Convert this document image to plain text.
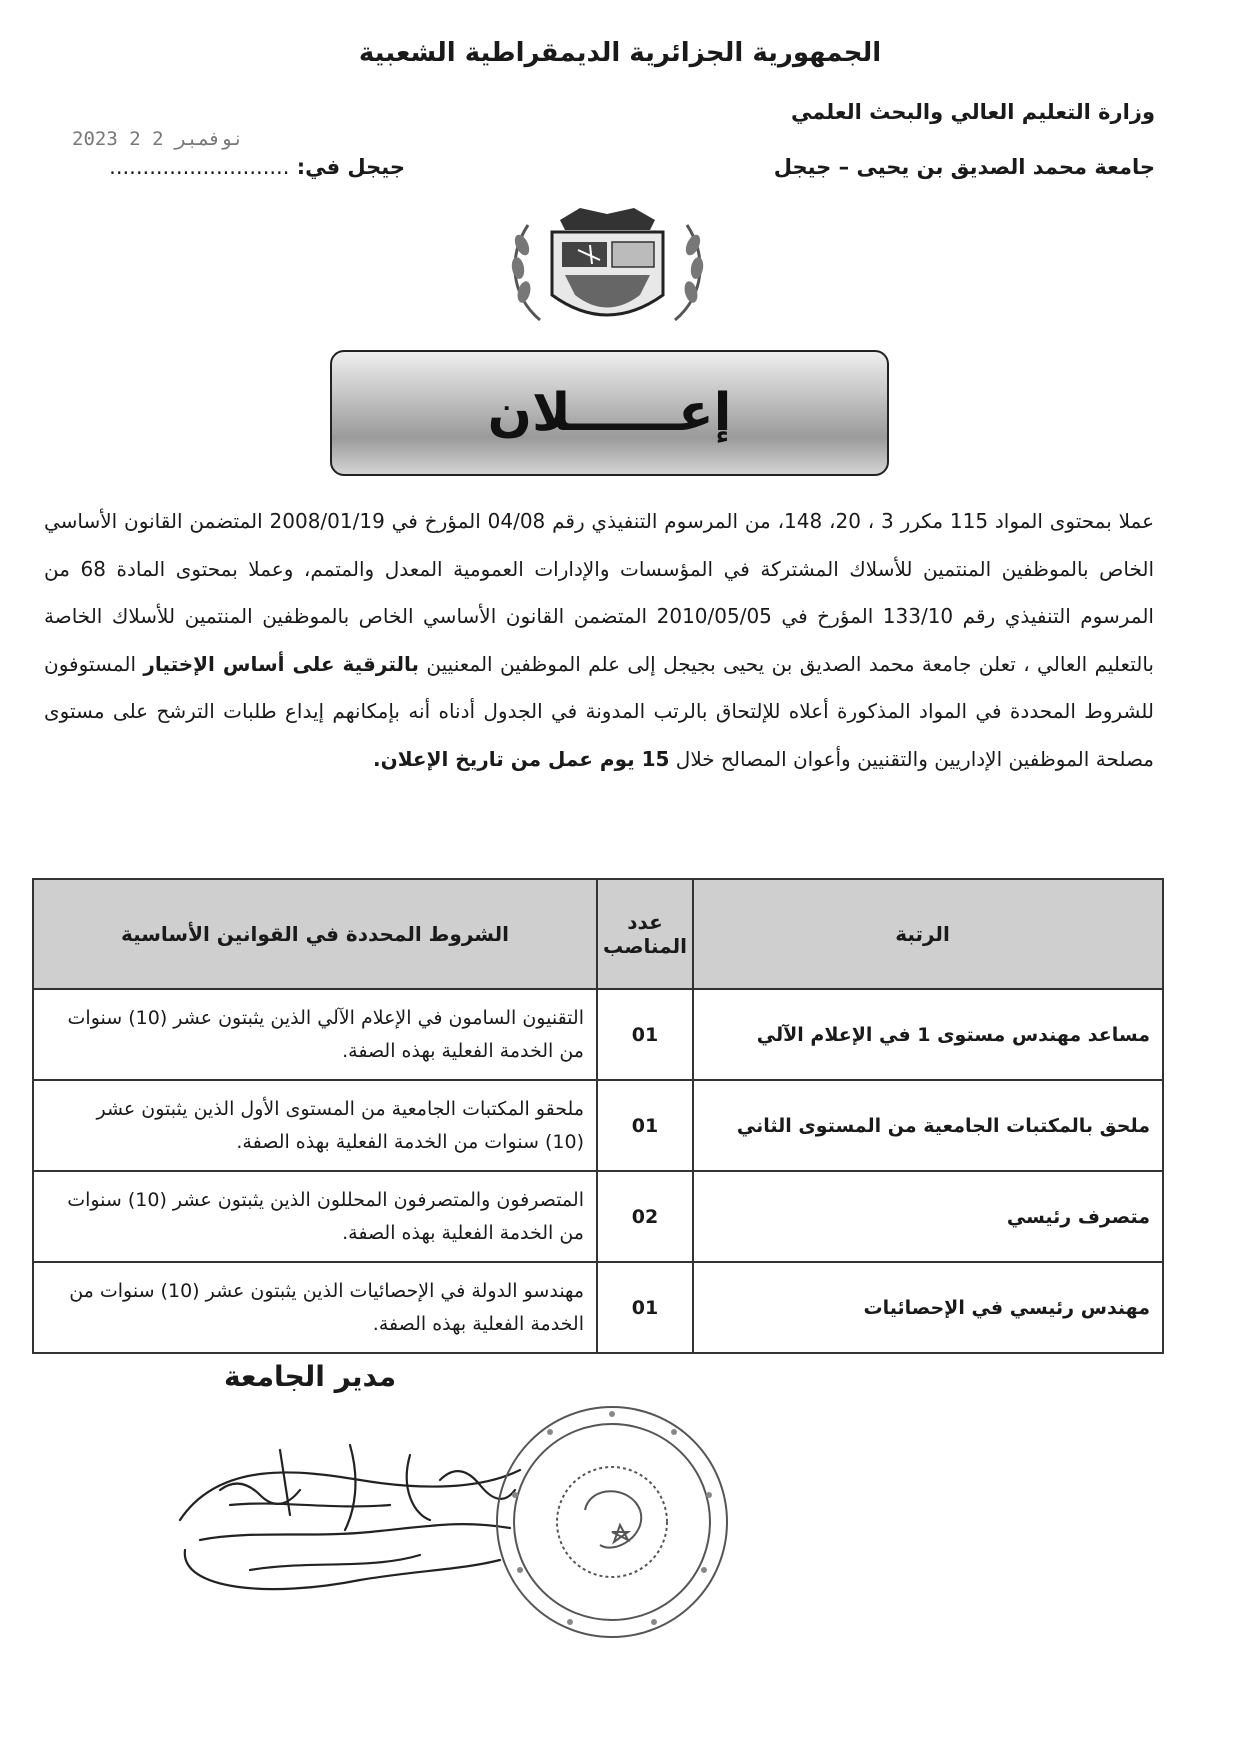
الجمهورية الجزائرية الديمقراطية الشعبية
وزارة التعليم العالي والبحث العلمي
جامعة محمد الصديق بن يحيى – جيجل
2023 نوفمبر 2 2
جيجل في: ...........................
إعــــــلان
عملا بمحتوى المواد 115 مكرر 3 ، 20، 148، من المرسوم التنفيذي رقم 04/08 المؤرخ في 2008/01/19 المتضمن القانون الأساسي الخاص بالموظفين المنتمين للأسلاك المشتركة في المؤسسات والإدارات العمومية المعدل والمتمم، وعملا بمحتوى المادة 68 من المرسوم التنفيذي رقم 133/10 المؤرخ في 2010/05/05 المتضمن القانون الأساسي الخاص بالموظفين المنتمين للأسلاك الخاصة بالتعليم العالي ، تعلن جامعة محمد الصديق بن يحيى بجيجل إلى علم الموظفين المعنيين بالترقية على أساس الإختيار المستوفون للشروط المحددة في المواد المذكورة أعلاه للإلتحاق بالرتب المدونة في الجدول أدناه أنه بإمكانهم إيداع طلبات الترشح على مستوى مصلحة الموظفين الإداريين والتقنيين وأعوان المصالح خلال 15 يوم عمل من تاريخ الإعلان.
الرتبة	عدد المناصب	الشروط المحددة في القوانين الأساسية
مساعد مهندس مستوى 1 في الإعلام الآلي	01	التقنيون السامون في الإعلام الآلي الذين يثبتون عشر (10) سنوات من الخدمة الفعلية بهذه الصفة.
ملحق بالمكتبات الجامعية من المستوى الثاني	01	ملحقو المكتبات الجامعية من المستوى الأول الذين يثبتون عشر (10) سنوات من الخدمة الفعلية بهذه الصفة.
متصرف رئيسي	02	المتصرفون والمتصرفون المحللون الذين يثبتون عشر (10) سنوات من الخدمة الفعلية بهذه الصفة.
مهندس رئيسي في الإحصائيات	01	مهندسو الدولة في الإحصائيات الذين يثبتون عشر (10) سنوات من الخدمة الفعلية بهذه الصفة.
مدير الجامعة
